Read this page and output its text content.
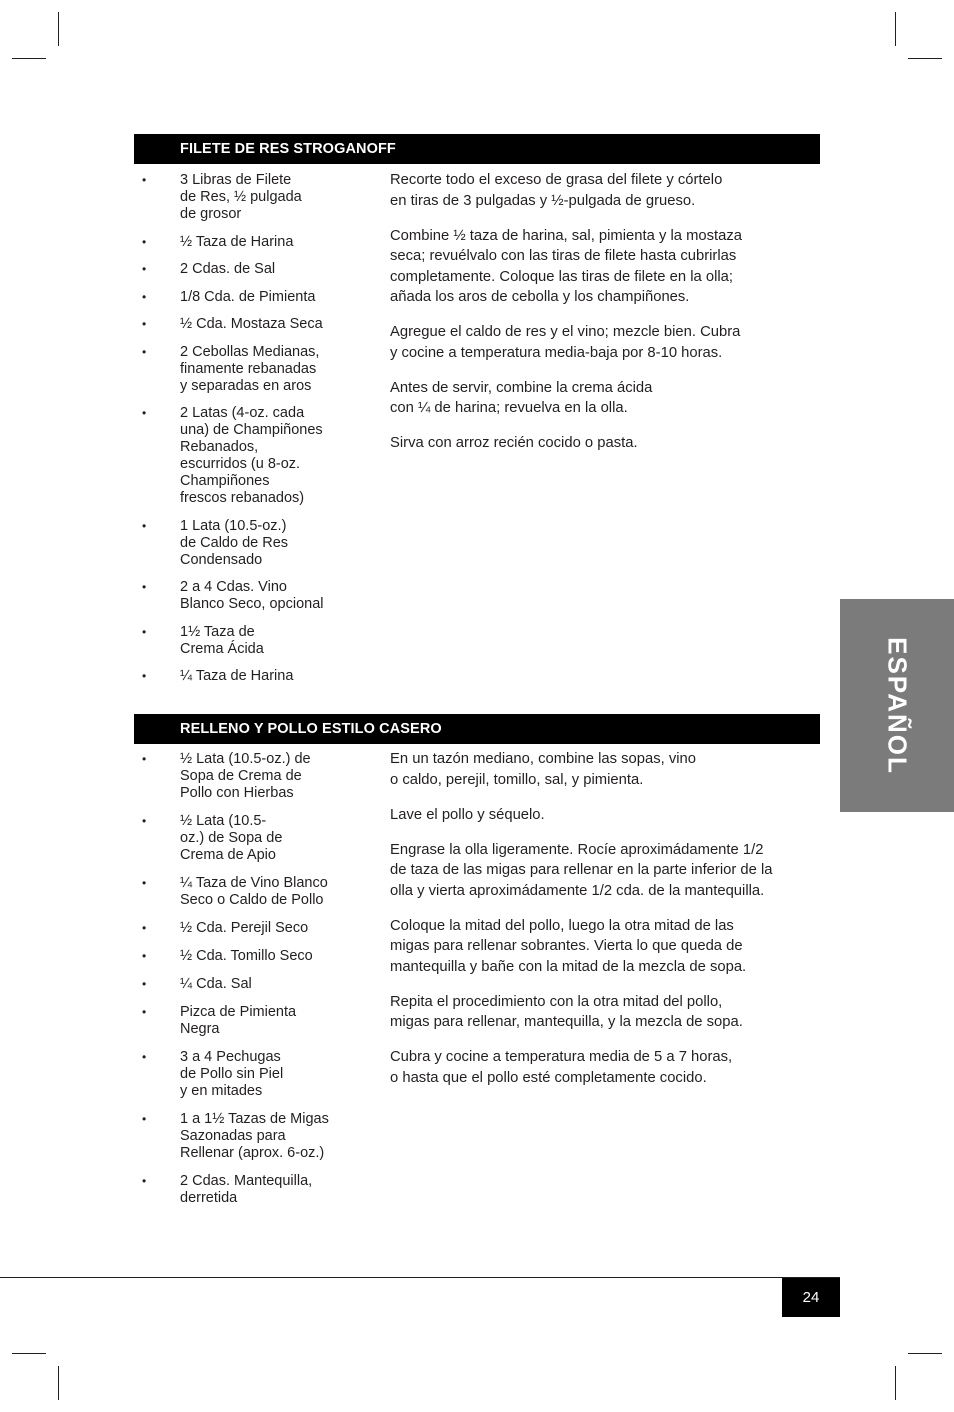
FILETE DE RES STROGANOFF
• 3 Libras de Filete
de Res, ½ pulgada
de grosor
• ½ Taza de Harina
• 2 Cdas. de Sal
• 1/8 Cda. de Pimienta
• ½ Cda. Mostaza Seca
• 2 Cebollas Medianas,
finamente rebanadas
y separadas en aros
• 2 Latas (4-oz. cada
una) de Champiñones
Rebanados,
escurridos (u 8-oz.
Champiñones
frescos rebanados)
• 1 Lata (10.5-oz.)
de Caldo de Res
Condensado
• 2 a 4 Cdas. Vino
Blanco Seco, opcional
• 1½ Taza de
Crema Ácida
• ¼ Taza de Harina

Recorte todo el exceso de grasa del filete y córtelo
en tiras de 3 pulgadas y ½-pulgada de grueso.

Combine ½ taza de harina, sal, pimienta y la mostaza
seca; revuélvalo con las tiras de filete hasta cubrirlas
completamente. Coloque las tiras de filete en la olla;
añada los aros de cebolla y los champiñones.

Agregue el caldo de res y el vino; mezcle bien. Cubra
y cocine a temperatura media-baja por 8-10 horas.

Antes de servir, combine la crema ácida
con ¼ de harina; revuelva en la olla.

Sirva con arroz recién cocido o pasta.

RELLENO Y POLLO ESTILO CASERO
• ½ Lata (10.5-oz.) de
Sopa de Crema de
Pollo con Hierbas
• ½ Lata (10.5-
oz.) de Sopa de
Crema de Apio
• ¼ Taza de Vino Blanco
Seco o Caldo de Pollo
• ½ Cda. Perejil Seco
• ½ Cda. Tomillo Seco
• ¼ Cda. Sal
• Pizca de Pimienta
Negra
• 3 a 4 Pechugas
de Pollo sin Piel
y en mitades
• 1 a 1½ Tazas de Migas
Sazonadas para
Rellenar (aprox. 6-oz.)
• 2 Cdas. Mantequilla,
derretida

En un tazón mediano, combine las sopas, vino
o caldo, perejil, tomillo, sal, y pimienta.

Lave el pollo y séquelo.

Engrase la olla ligeramente. Rocíe aproximádamente 1/2
de taza de las migas para rellenar en la parte inferior de la
olla y vierta aproximádamente 1/2 cda. de la mantequilla.

Coloque la mitad del pollo, luego la otra mitad de las
migas para rellenar sobrantes. Vierta lo que queda de
mantequilla y bañe con la mitad de la mezcla de sopa.

Repita el procedimiento con la otra mitad del pollo,
migas para rellenar, mantequilla, y la mezcla de sopa.

Cubra y cocine a temperatura media de 5 a 7 horas,
o hasta que el pollo esté completamente cocido.

ESPAÑOL
24
